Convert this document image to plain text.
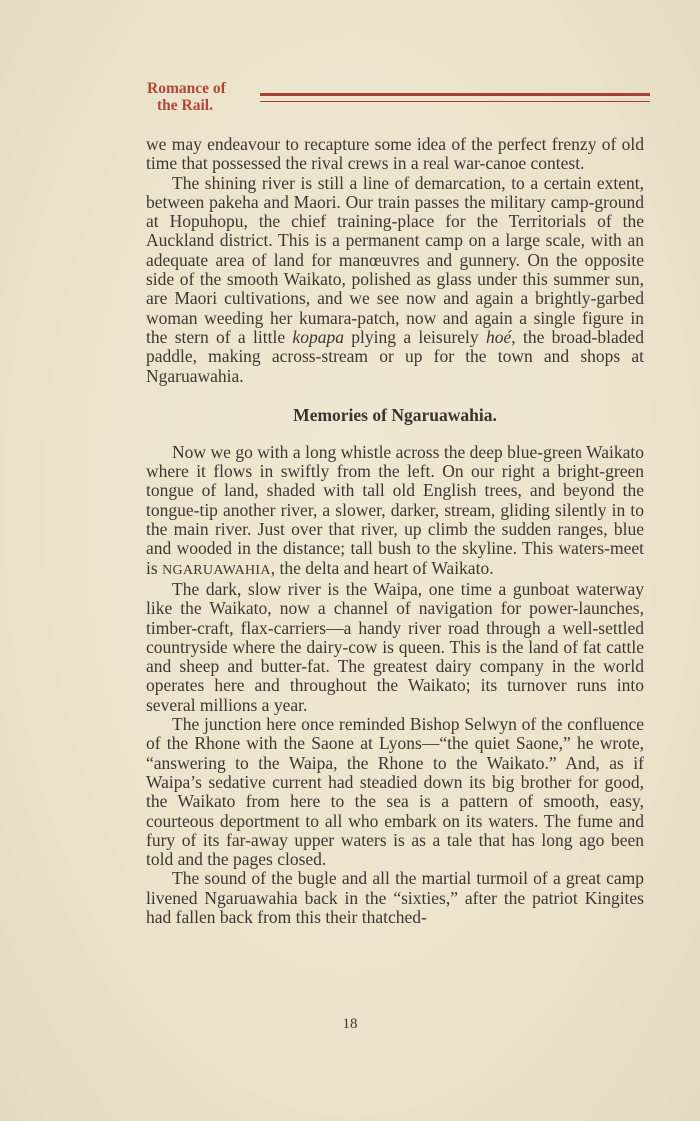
Romance of
the Rail.

we may endeavour to recapture some idea of the perfect frenzy of old time that possessed the rival crews in a real war-canoe contest.

The shining river is still a line of demarcation, to a certain extent, between pakeha and Maori. Our train passes the military camp-ground at Hopuhopu, the chief training-place for the Territorials of the Auckland district. This is a permanent camp on a large scale, with an adequate area of land for manœuvres and gunnery. On the opposite side of the smooth Waikato, polished as glass under this summer sun, are Maori cultivations, and we see now and again a brightly-garbed woman weeding her kumara-patch, now and again a single figure in the stern of a little kopapa plying a leisurely hoé, the broad-bladed paddle, making across-stream or up for the town and shops at Ngaruawahia.

Memories of Ngaruawahia.

Now we go with a long whistle across the deep blue-green Waikato where it flows in swiftly from the left. On our right a bright-green tongue of land, shaded with tall old English trees, and beyond the tongue-tip another river, a slower, darker, stream, gliding silently in to the main river. Just over that river, up climb the sudden ranges, blue and wooded in the distance; tall bush to the skyline. This waters-meet is NGARUAWAHIA, the delta and heart of Waikato.

The dark, slow river is the Waipa, one time a gunboat waterway like the Waikato, now a channel of navigation for power-launches, timber-craft, flax-carriers—a handy river road through a well-settled countryside where the dairy-cow is queen. This is the land of fat cattle and sheep and butter-fat. The greatest dairy company in the world operates here and throughout the Waikato; its turnover runs into several millions a year.

The junction here once reminded Bishop Selwyn of the confluence of the Rhone with the Saone at Lyons—“the quiet Saone,” he wrote, “answering to the Waipa, the Rhone to the Waikato.” And, as if Waipa’s sedative current had steadied down its big brother for good, the Waikato from here to the sea is a pattern of smooth, easy, courteous deportment to all who embark on its waters. The fume and fury of its far-away upper waters is as a tale that has long ago been told and the pages closed.

The sound of the bugle and all the martial turmoil of a great camp livened Ngaruawahia back in the “sixties,” after the patriot Kingites had fallen back from this their thatched-

18
